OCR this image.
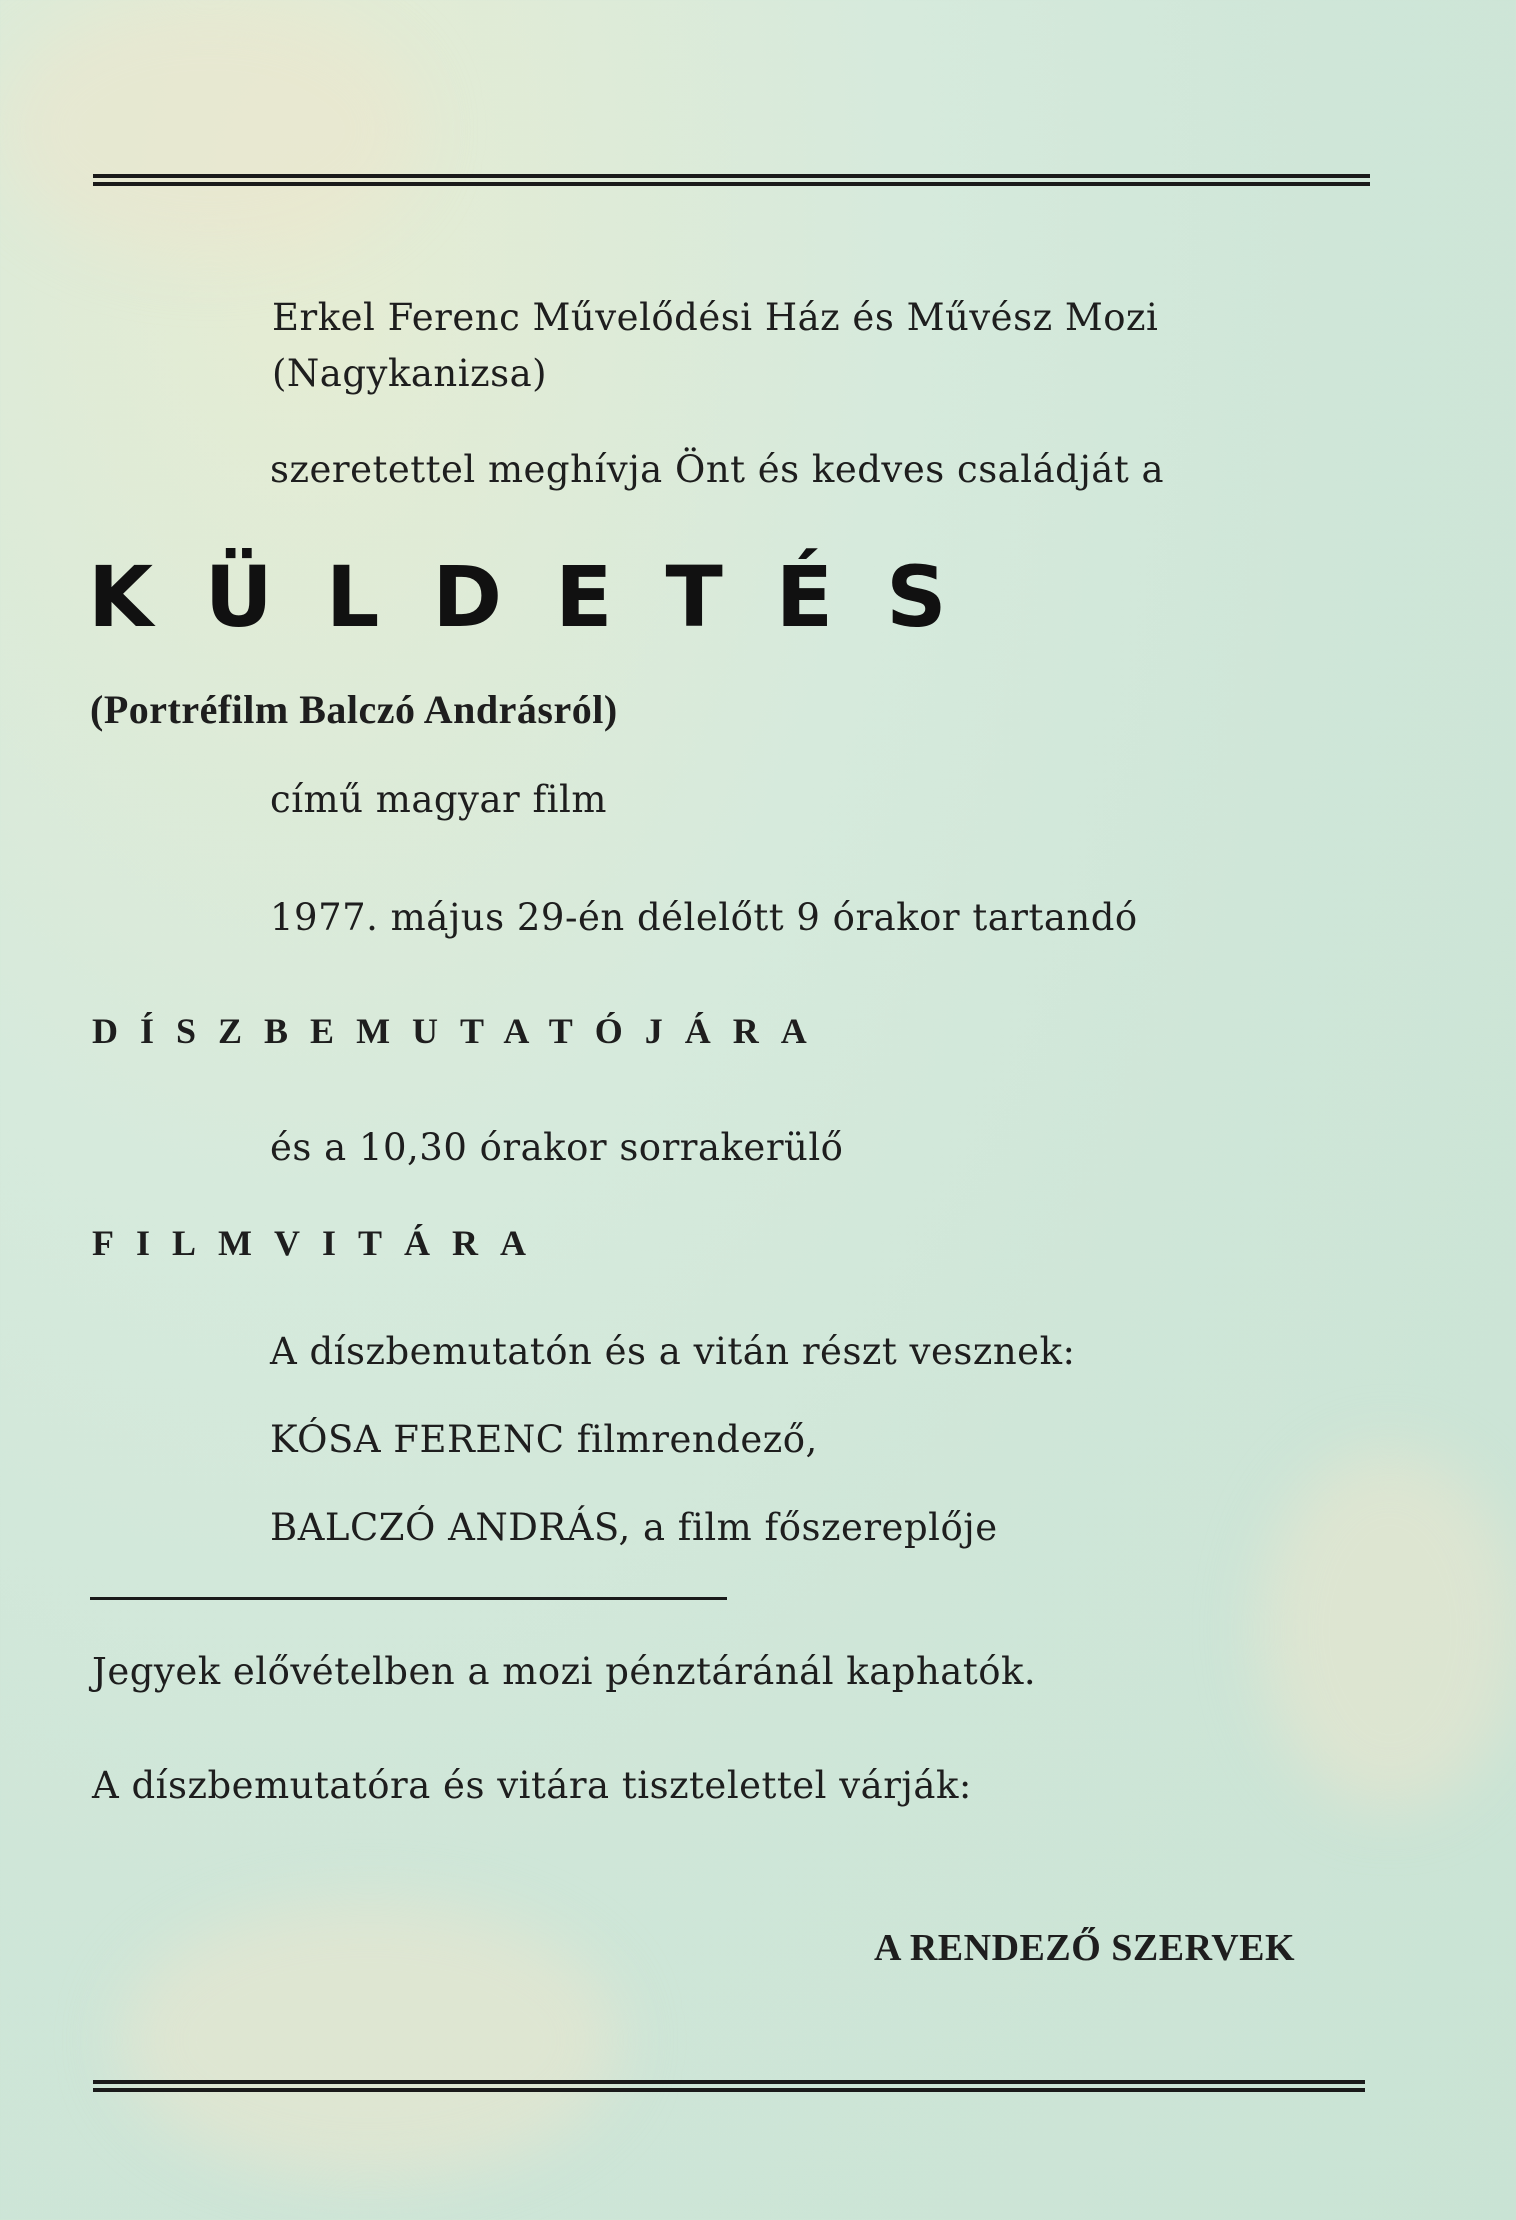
Erkel Ferenc Művelődési Ház és Művész Mozi
(Nagykanizsa)
szeretettel meghívja Önt és kedves családját a
KÜLDETÉS
(Portréfilm Balczó Andrásról)
című magyar film
1977. május 29-én délelőtt 9 órakor tartandó
DÍSZBEMUTATÓJÁRA
és a 10,30 órakor sorrakerülő
FILMVITÁRA
A díszbemutatón és a vitán részt vesznek:
KÓSA FERENC filmrendező,
BALCZÓ ANDRÁS, a film főszereplője
Jegyek elővételben a mozi pénztáránál kaphatók.
A díszbemutatóra és vitára tisztelettel várják:
A RENDEZŐ SZERVEK
